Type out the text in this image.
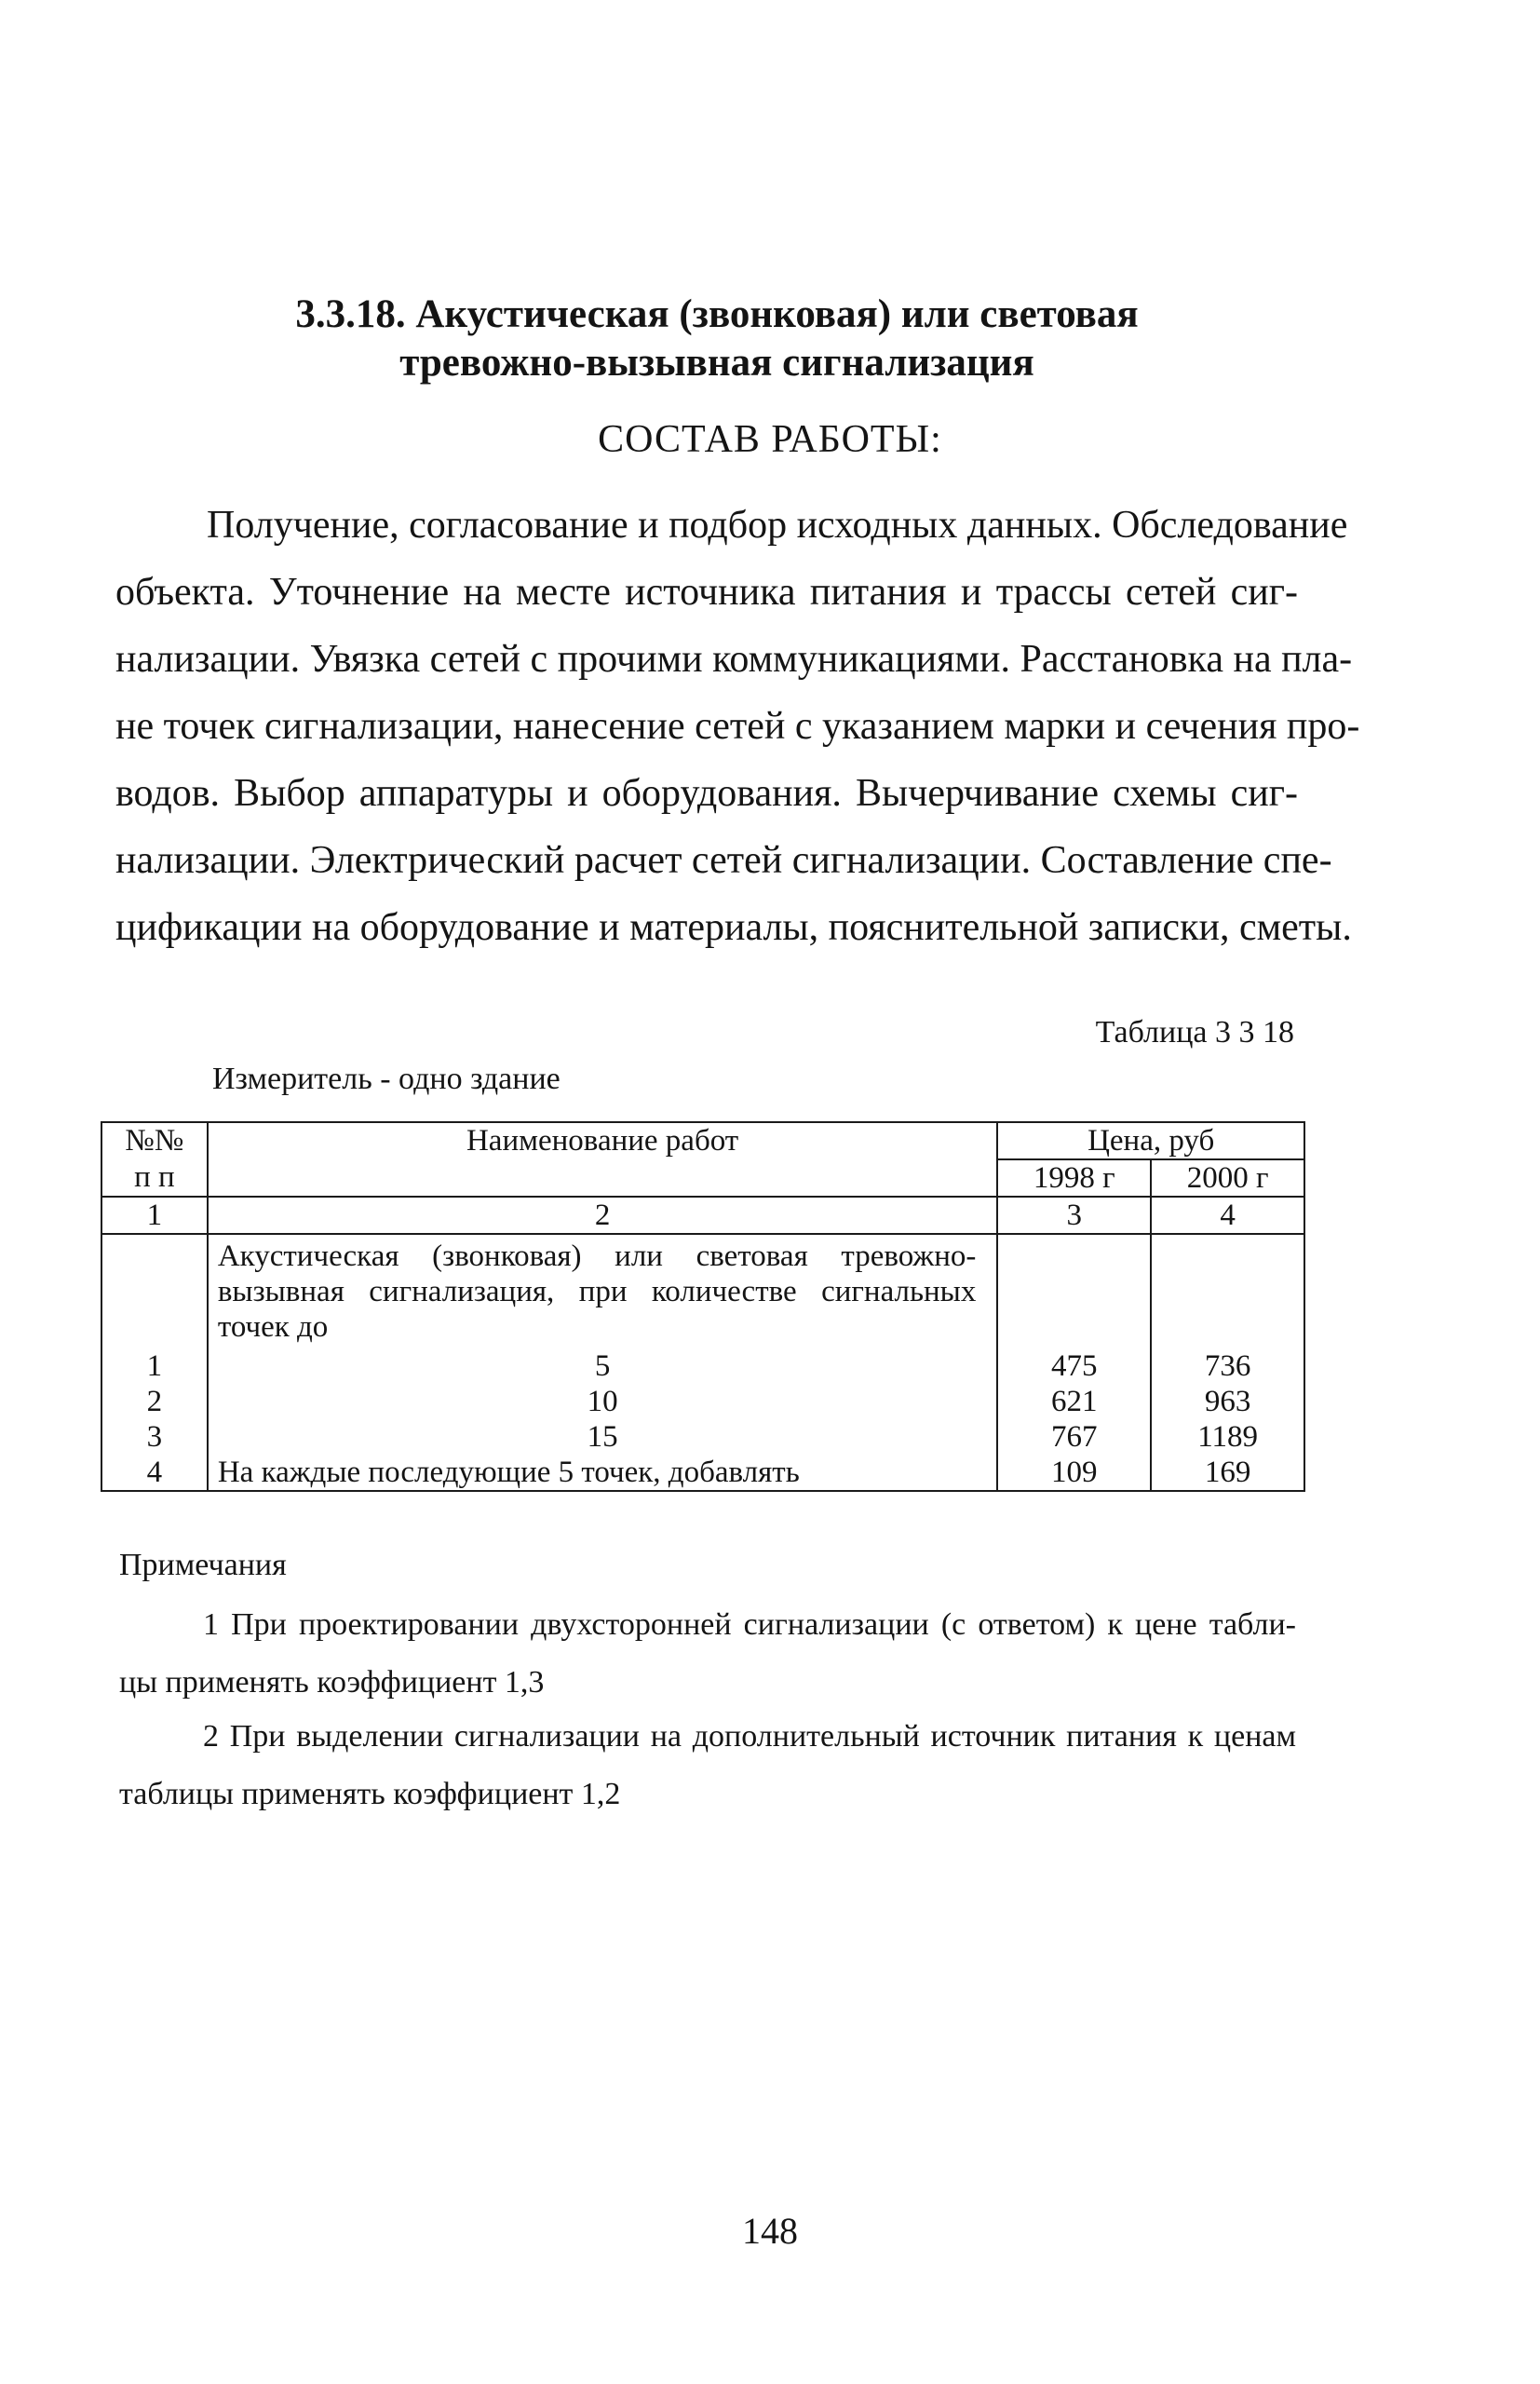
3.3.18. Акустическая (звонковая) или световая
тревожно-вызывная сигнализация
СОСТАВ РАБОТЫ:
Получение, согласование и подбор исходных данных. Обследование
объекта. Уточнение на месте источника питания и трассы сетей сиг-
нализации. Увязка сетей с прочими коммуникациями. Расстановка на пла-
не точек сигнализации, нанесение сетей с указанием марки и сечения про-
водов. Выбор аппаратуры и оборудования. Вычерчивание схемы сиг-
нализации. Электрический расчет сетей сигнализации. Составление спе-
цификации на оборудование и материалы, пояснительной записки, сметы.
Таблица 3 3 18
Измеритель - одно здание
№№	Наименование работ	Цена, руб	
п п		1998 г	2000 г
1	2	3	4
	Акустическая (звонковая) или световая тревожно-вызывная сигнализация, при количестве сигнальных точек до		
1	5	475	736
2	10	621	963
3	15	767	1189
4	На каждые последующие 5 точек, добавлять	109	169
Примечания
1 При проектировании двухсторонней сигнализации (с ответом) к цене табли-
цы применять коэффициент 1,3
2 При выделении сигнализации на дополнительный источник питания к ценам
таблицы применять коэффициент 1,2
148
